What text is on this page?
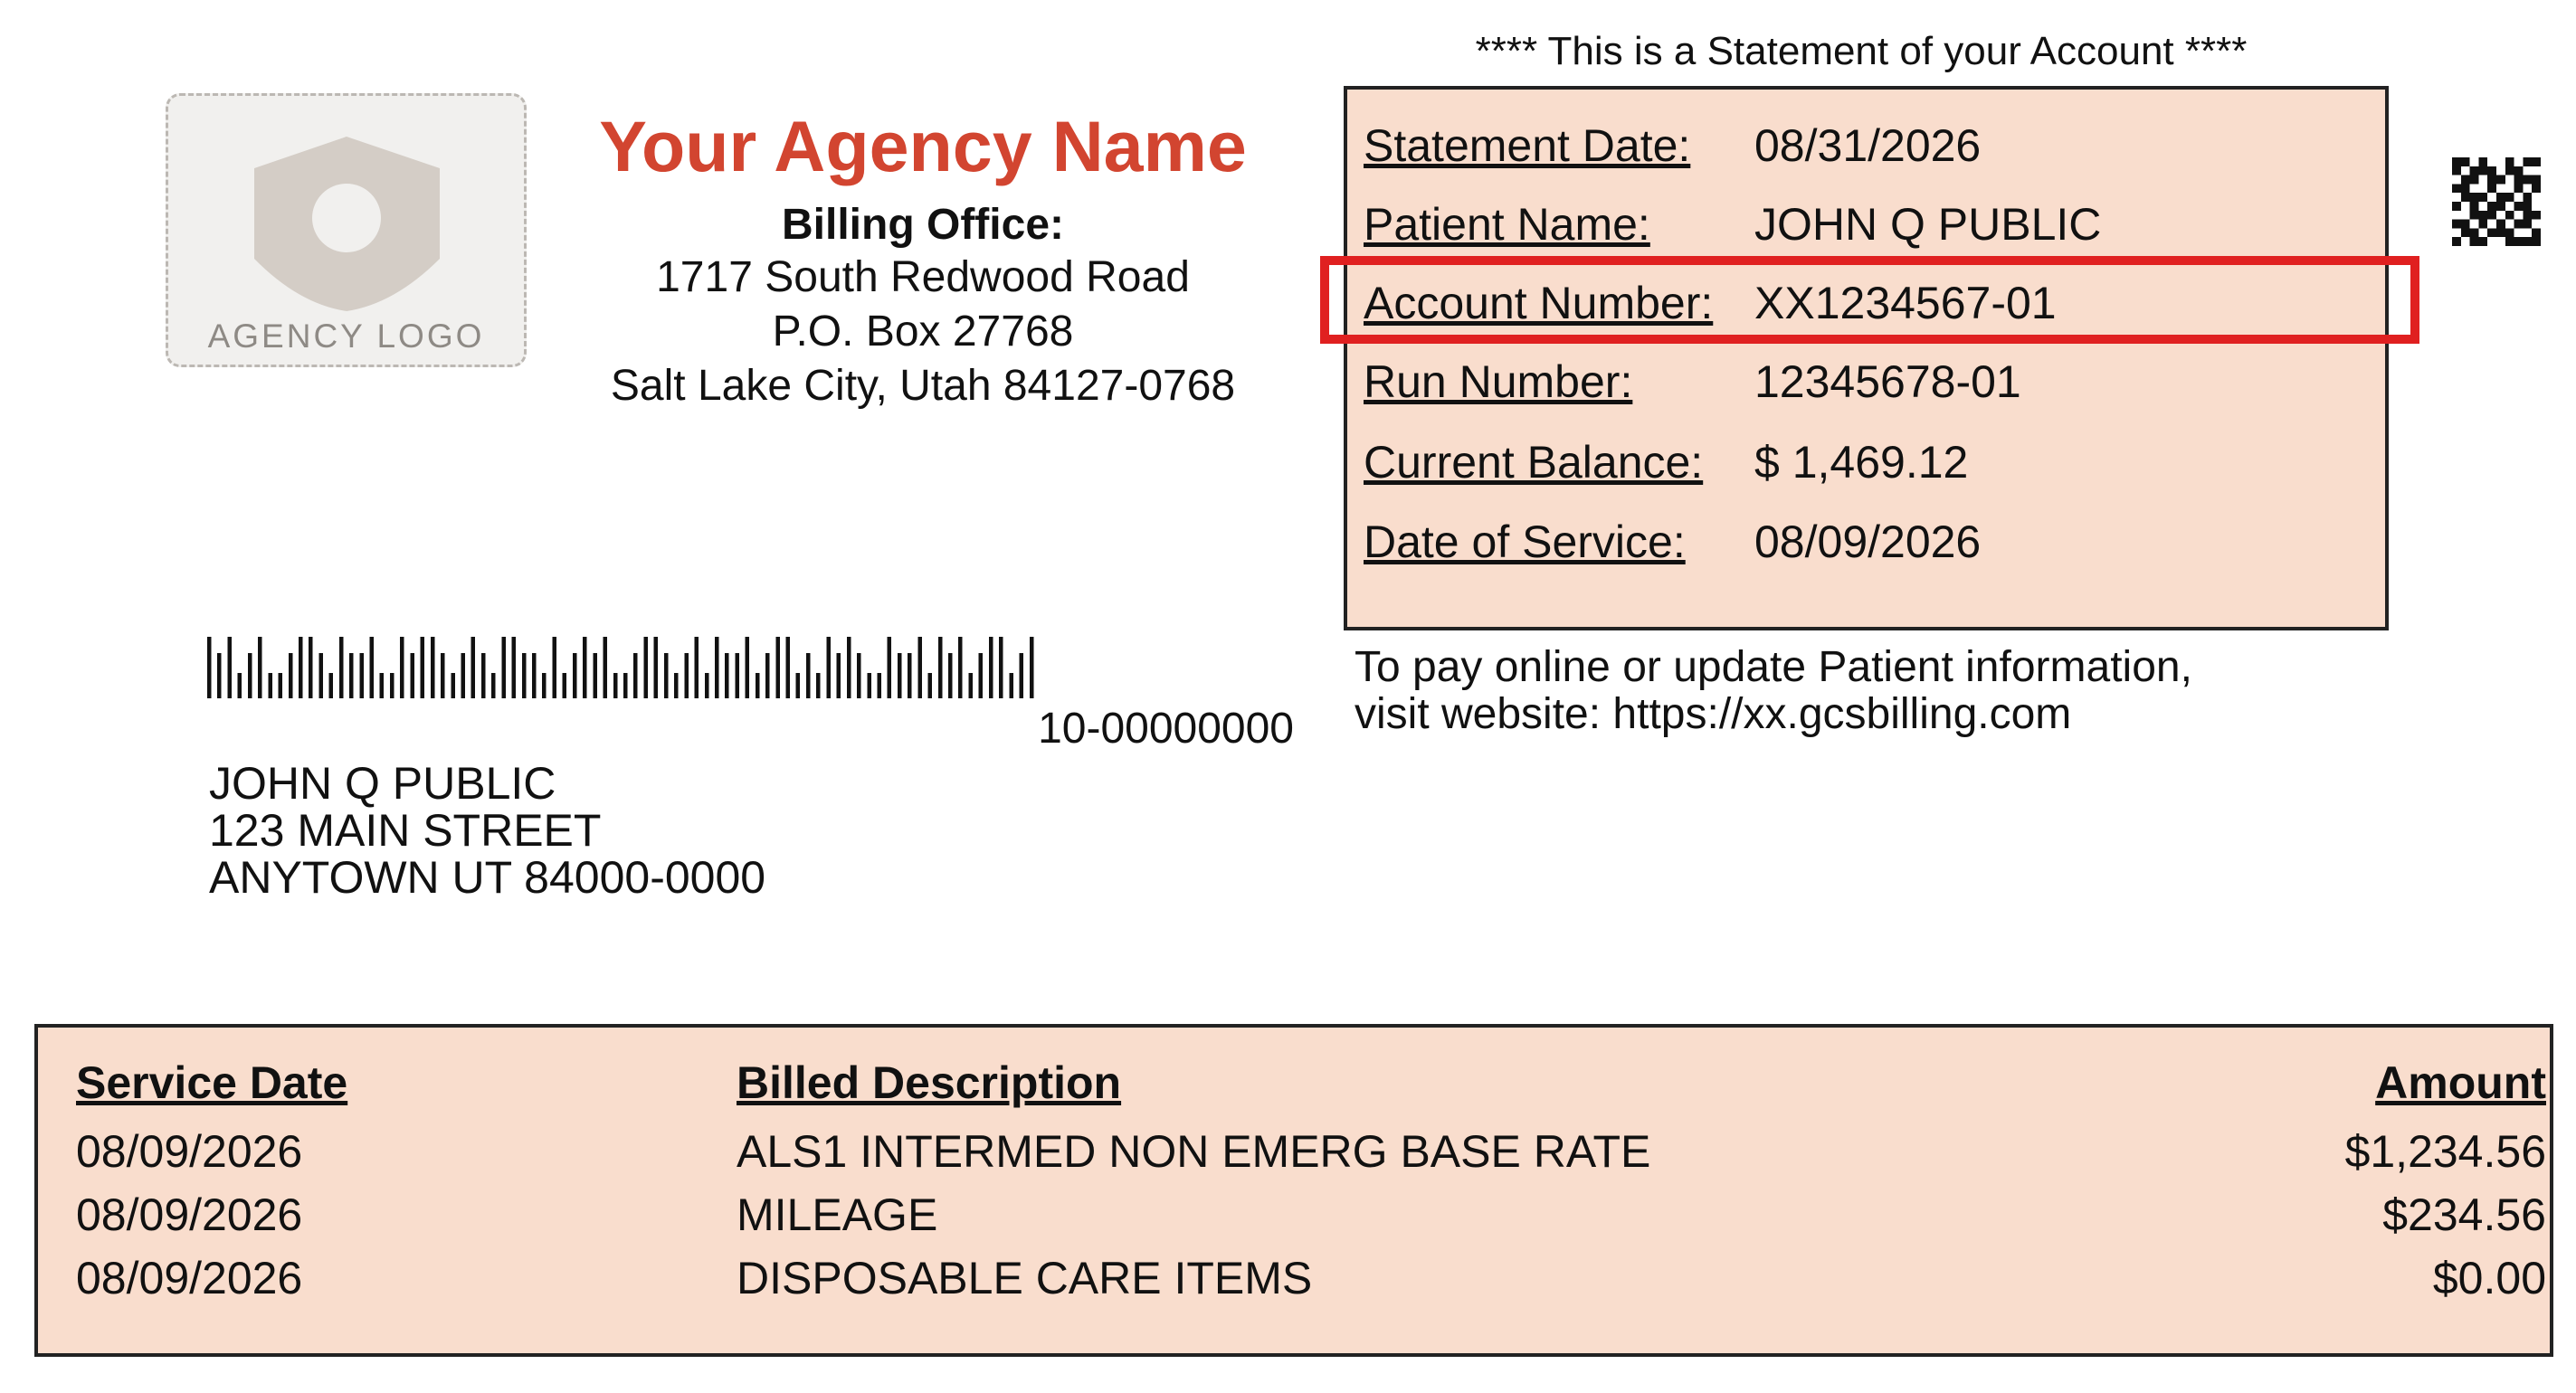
AGENCY LOGO
Your Agency Name
Billing Office:
1717 South Redwood Road
P.O. Box 27768
Salt Lake City, Utah 84127-0768
**** This is a Statement of your Account ****
Statement Date: 08/31/2026
Patient Name: JOHN Q PUBLIC
Account Number: XX1234567-01
Run Number:	12345678-01
Current Balance: $ 1,469.12
Date of Service: 08/09/2026
10-00000000
To pay online or update Patient information,
visit website: https://xx.gcsbilling.com
JOHN Q PUBLIC
123 MAIN STREET
ANYTOWN UT 84000-0000
Service Date	Billed Description	Amount
08/09/2026	ALS1 INTERMED NON EMERG BASE RATE	$1,234.56
08/09/2026	MILEAGE	$234.56
08/09/2026	DISPOSABLE CARE ITEMS	$0.00
